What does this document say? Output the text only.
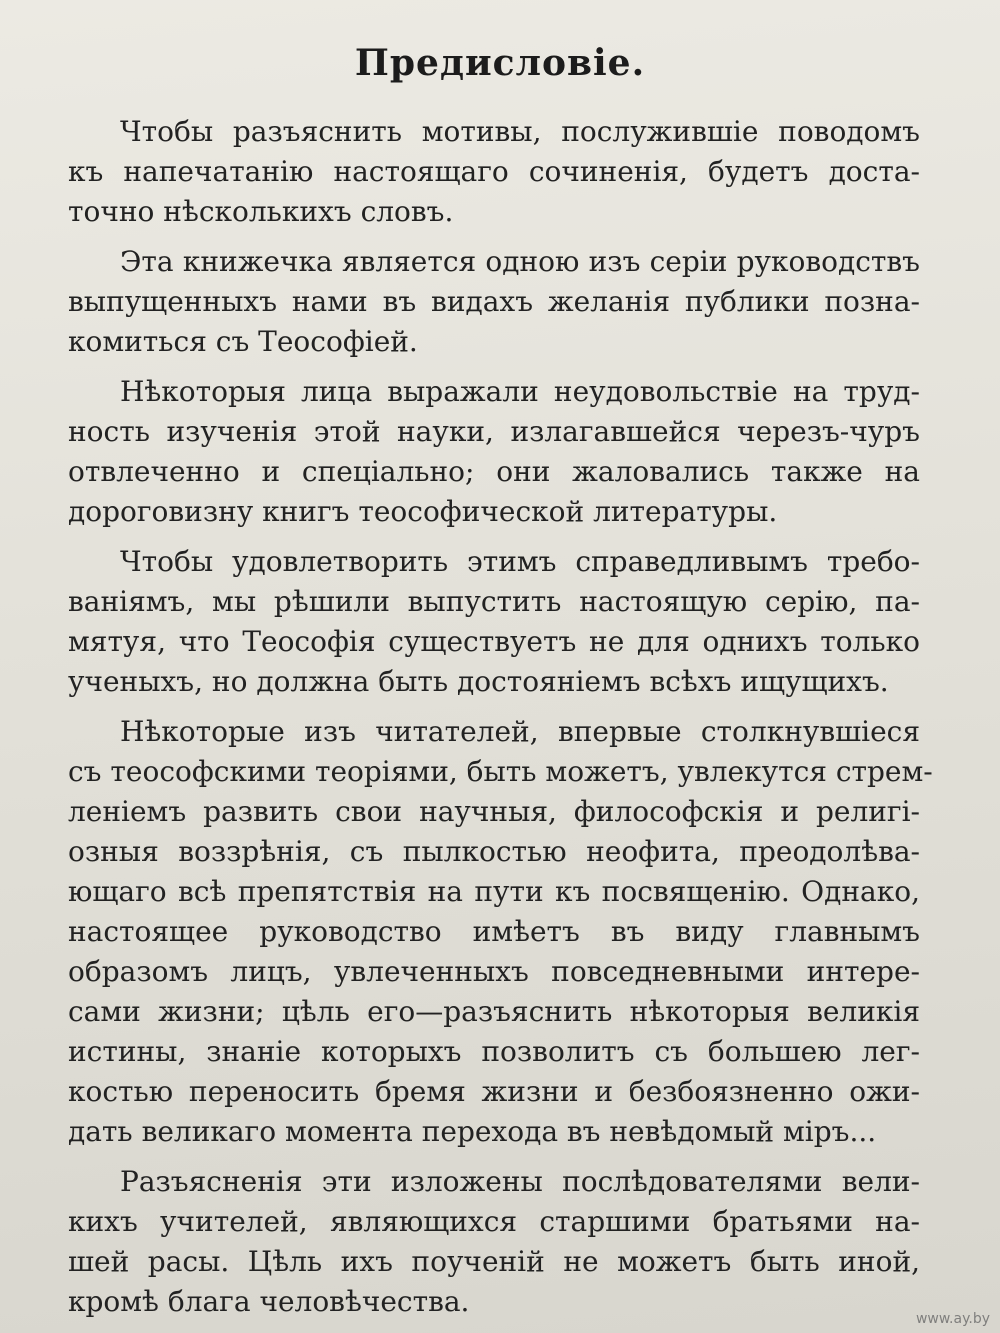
Предисловіе.
Чтобы разъяснить мотивы, послужившіе поводомъ
къ напечатанію настоящаго сочиненія, будетъ доста-
точно нѣсколькихъ словъ.
Эта книжечка является одною изъ серіи руководствъ
выпущенныхъ нами въ видахъ желанія публики позна-
комиться съ Теософіей.
Нѣкоторыя лица выражали неудовольствіе на труд-
ность изученія этой науки, излагавшейся черезъ-чуръ
отвлеченно и спеціально; они жаловались также на
дороговизну книгъ теософической литературы.
Чтобы удовлетворить этимъ справедливымъ требо-
ваніямъ, мы рѣшили выпустить настоящую серію, па-
мятуя, что Теософія существуетъ не для однихъ только
ученыхъ, но должна быть достояніемъ всѣхъ ищущихъ.
Нѣкоторые изъ читателей, впервые столкнувшіеся
съ теософскими теоріями, быть можетъ, увлекутся стрем-
леніемъ развить свои научныя, философскія и религі-
озныя воззрѣнія, съ пылкостью неофита, преодолѣва-
ющаго всѣ препятствія на пути къ посвященію. Однако,
настоящее руководство имѣетъ въ виду главнымъ
образомъ лицъ, увлеченныхъ повседневными интере-
сами жизни; цѣль его—разъяснить нѣкоторыя великія
истины, знаніе которыхъ позволитъ съ большею лег-
костью переносить бремя жизни и безбоязненно ожи-
дать великаго момента перехода въ невѣдомый міръ...
Разъясненія эти изложены послѣдователями вели-
кихъ учителей, являющихся старшими братьями на-
шей расы. Цѣль ихъ поученій не можетъ быть иной,
кромѣ блага человѣчества.
www.ay.by
